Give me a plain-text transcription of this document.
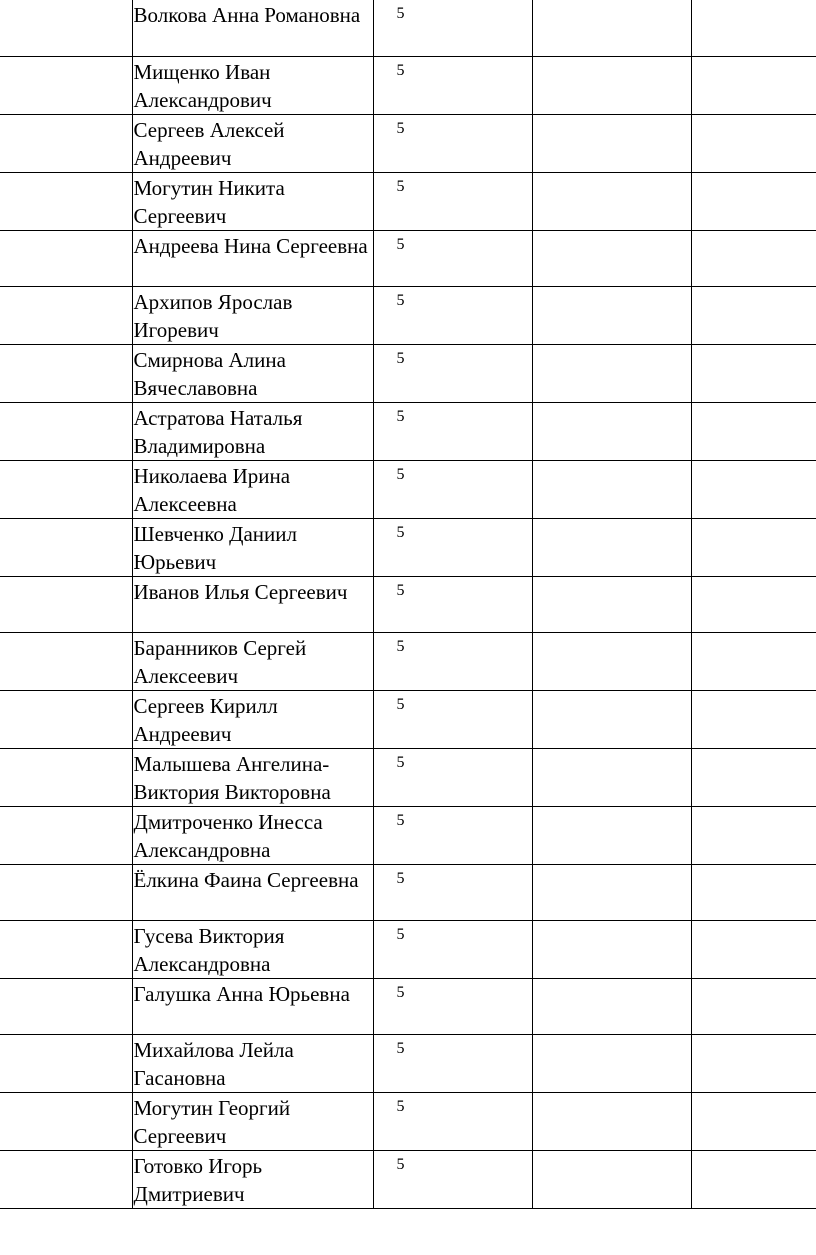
	Волкова Анна Романовна	5		

	Мищенко Иван Александрович	5		

	Сергеев Алексей Андреевич	5		

	Могутин Никита Сергеевич	5		

	Андреева Нина Сергеевна	5		

	Архипов Ярослав Игоревич	5		

	Смирнова Алина Вячеславовна	5		

	Астратова Наталья Владимировна	5		

	Николаева Ирина Алексеевна	5		

	Шевченко Даниил Юрьевич	5		

	Иванов Илья Сергеевич	5		

	Баранников Сергей Алексеевич	5		

	Сергеев Кирилл Андреевич	5		

	Малышева Ангелина-Виктория Викторовна	5		

	Дмитроченко Инесса Александровна	5		

	Ёлкина Фаина Сергеевна	5		

	Гусева Виктория Александровна	5		

	Галушка Анна Юрьевна	5		

	Михайлова Лейла Гасановна	5		

	Могутин Георгий Сергеевич	5		

	Готовко Игорь Дмитриевич	5		
